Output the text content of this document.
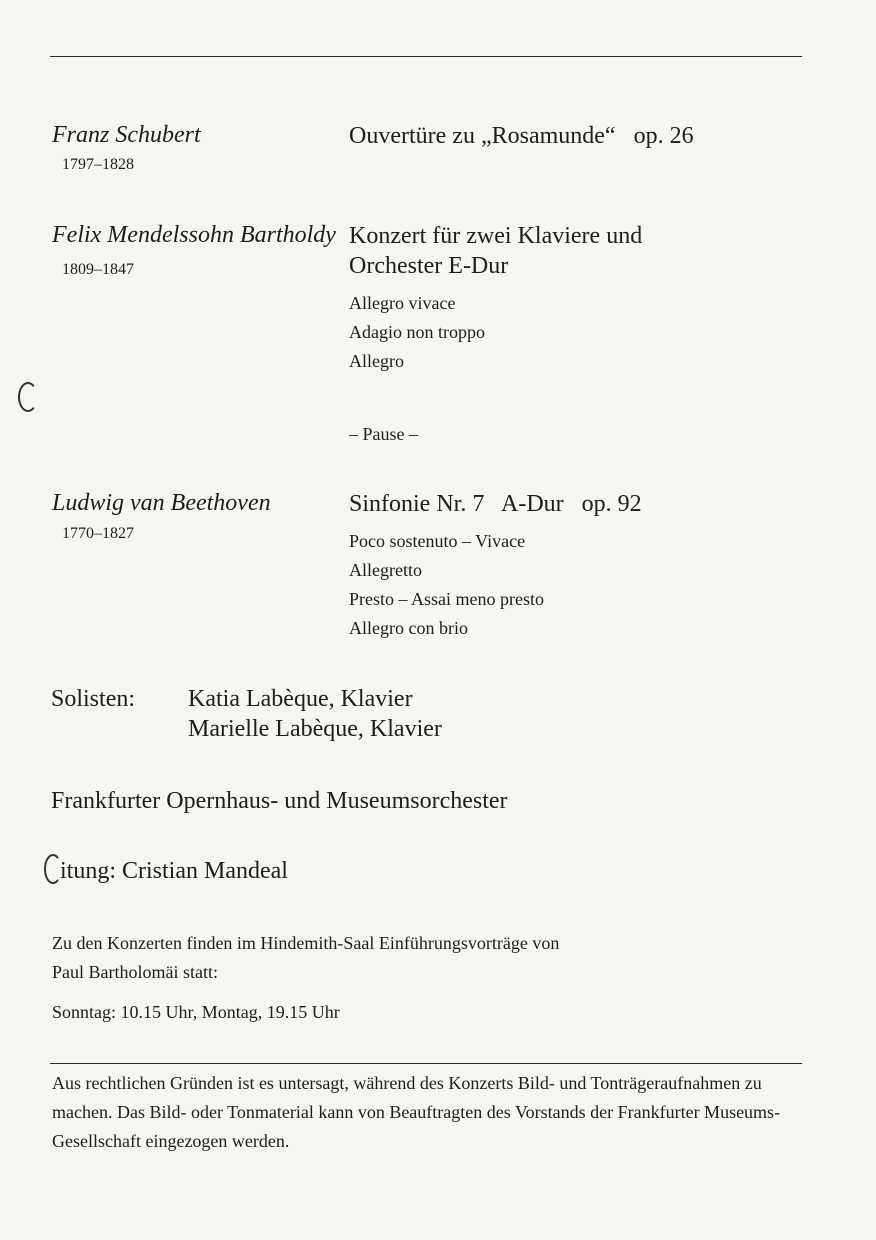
Franz Schubert
1797–1828
Ouvertüre zu „Rosamunde“   op. 26
Felix Mendelssohn Bartholdy
1809–1847
Konzert für zwei Klaviere und
Orchester E-Dur
Allegro vivace
Adagio non troppo
Allegro
– Pause –
Ludwig van Beethoven
1770–1827
Sinfonie Nr. 7   A-Dur   op. 92
Poco sostenuto – Vivace
Allegretto
Presto – Assai meno presto
Allegro con brio
Solisten: Katia Labèque, Klavier
Marielle Labèque, Klavier
Frankfurter Opernhaus- und Museumsorchester
itung: Cristian Mandeal
Zu den Konzerten finden im Hindemith-Saal Einführungsvorträge von
Paul Bartholomäi statt:
Sonntag: 10.15 Uhr, Montag, 19.15 Uhr
Aus rechtlichen Gründen ist es untersagt, während des Konzerts Bild- und Tonträgeraufnahmen zu machen. Das Bild- oder Tonmaterial kann von Beauftragten des Vorstands der Frankfurter Museums-Gesellschaft eingezogen werden.
